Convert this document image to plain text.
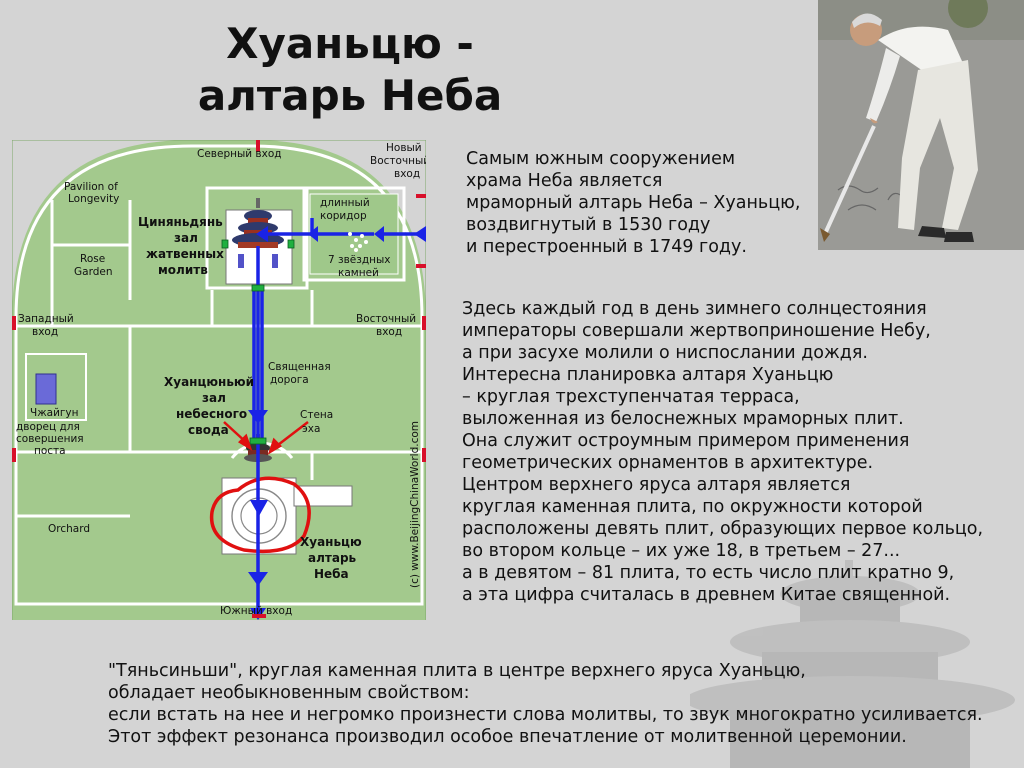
Хуаньцю -
алтарь Неба
Самым южным сооружением
храма Неба является
мраморный алтарь Неба – Хуаньцю,
воздвигнутый в 1530 году
и перестроенный в 1749 году.
Здесь каждый год в день зимнего солнцестояния
императоры совершали жертвоприношение Небу,
а при засухе молили о ниспослании дождя.
Интересна планировка алтаря Хуаньцю
– круглая трехступенчатая терраса,
выложенная из белоснежных мраморных плит.
Она служит остроумным примером применения
геометрических орнаментов в архитектуре.
Центром верхнего яруса алтаря является
круглая каменная плита, по окружности которой
расположены девять плит, образующих первое кольцо,
во втором кольце – их уже 18, в третьем – 27...
а в девятом – 81 плита, то есть число плит кратно 9,
а эта цифра считалась в древнем Китае священной.
"Тяньсиньши", круглая каменная плита в центре верхнего яруса Хуаньцю,
обладает необыкновенным свойством:
если встать на нее и негромко произнести слова молитвы, то звук многократно усиливается.
Этот эффект резонанса производил особое впечатление от молитвенной церемонии.
Северный вход	Новый
Восточный
вход
Pavilion of
Longevity	длинный
коридор
Циняньдянь
зал
жатвенных
молитв
Rose
Garden
7 звёздных
камней
Западный
вход
Восточный
вход
Священная
дорога
Хуанцюньюй
зал
небесного
свода
Стена
эха
Чжайгун
дворец для
совершения
поста
Orchard
Хуаньцю
алтарь
Неба
Южный вход
(c) www.BeijingChinaWorld.com
